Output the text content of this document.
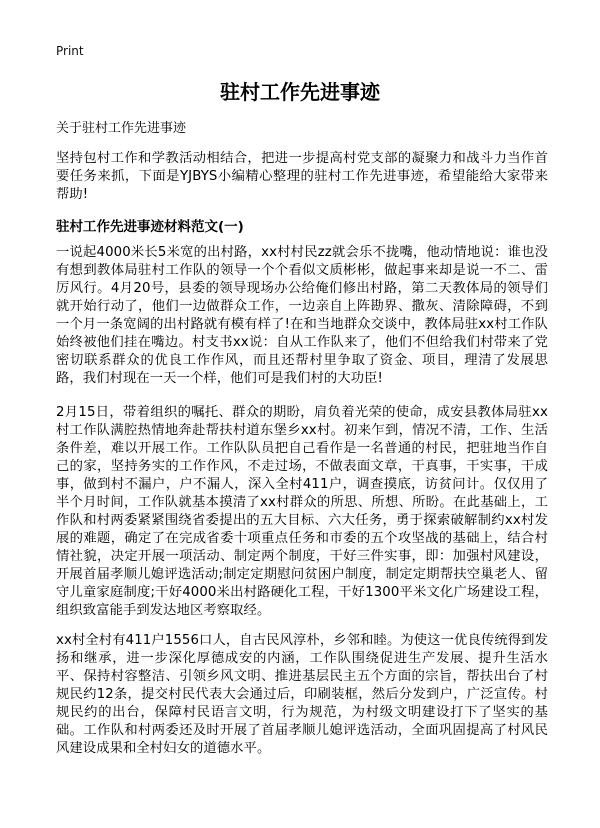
Print
驻村工作先进事迹

关于驻村工作先进事迹

坚持包村工作和学教活动相结合，把进一步提高村党支部的凝聚力和战斗力当作首要任务来抓，下面是YJBYS小编精心整理的驻村工作先进事迹，希望能给大家带来帮助!

驻村工作先进事迹材料范文(一)

一说起4000米长5米宽的出村路，xx村村民zz就会乐不拢嘴，他动情地说：谁也没有想到教体局驻村工作队的领导一个个看似文质彬彬，做起事来却是说一不二、雷厉风行。4月20号，县委的领导现场办公给俺们修出村路，第二天教体局的领导们就开始行动了，他们一边做群众工作，一边亲自上阵勘界、撒灰、清除障碍，不到一个月一条宽阔的出村路就有模有样了!在和当地群众交谈中，教体局驻xx村工作队始终被他们挂在嘴边。村支书xx说：自从工作队来了，他们不但给我们村带来了党密切联系群众的优良工作作风，而且还帮村里争取了资金、项目，理清了发展思路，我们村现在一天一个样，他们可是我们村的大功臣!

2月15日，带着组织的嘱托、群众的期盼，肩负着光荣的使命，成安县教体局驻xx村工作队满腔热情地奔赴帮扶村道东堡乡xx村。初来乍到，情况不清，工作、生活条件差，难以开展工作。工作队队员把自己看作是一名普通的村民，把驻地当作自己的家，坚持务实的工作作风，不走过场，不做表面文章，干真事，干实事，干成事，做到村不漏户，户不漏人，深入全村411户，调查摸底，访贫问计。仅仅用了半个月时间，工作队就基本摸清了xx村群众的所思、所想、所盼。在此基础上，工作队和村两委紧紧围绕省委提出的五大目标、六大任务，勇于探索破解制约xx村发展的难题，确定了在完成省委十项重点任务和市委的五个攻坚战的基础上，结合村情社貌，决定开展一项活动、制定两个制度，干好三件实事，即：加强村风建设，开展首届孝顺儿媳评选活动;制定定期慰问贫困户制度，制定定期帮扶空巢老人、留守儿童家庭制度;干好4000米出村路硬化工程，干好1300平米文化广场建设工程，组织致富能手到发达地区考察取经。

xx村全村有411户1556口人，自古民风淳朴，乡邻和睦。为使这一优良传统得到发扬和继承，进一步深化厚德成安的内涵，工作队围绕促进生产发展、提升生活水平、保持村容整洁、引领乡风文明、推进基层民主五个方面的宗旨，帮扶出台了村规民约12条，提交村民代表大会通过后，印刷装框，然后分发到户，广泛宣传。村规民约的出台，保障村民语言文明，行为规范，为村级文明建设打下了坚实的基础。工作队和村两委还及时开展了首届孝顺儿媳评选活动，全面巩固提高了村风民风建设成果和全村妇女的道德水平。
